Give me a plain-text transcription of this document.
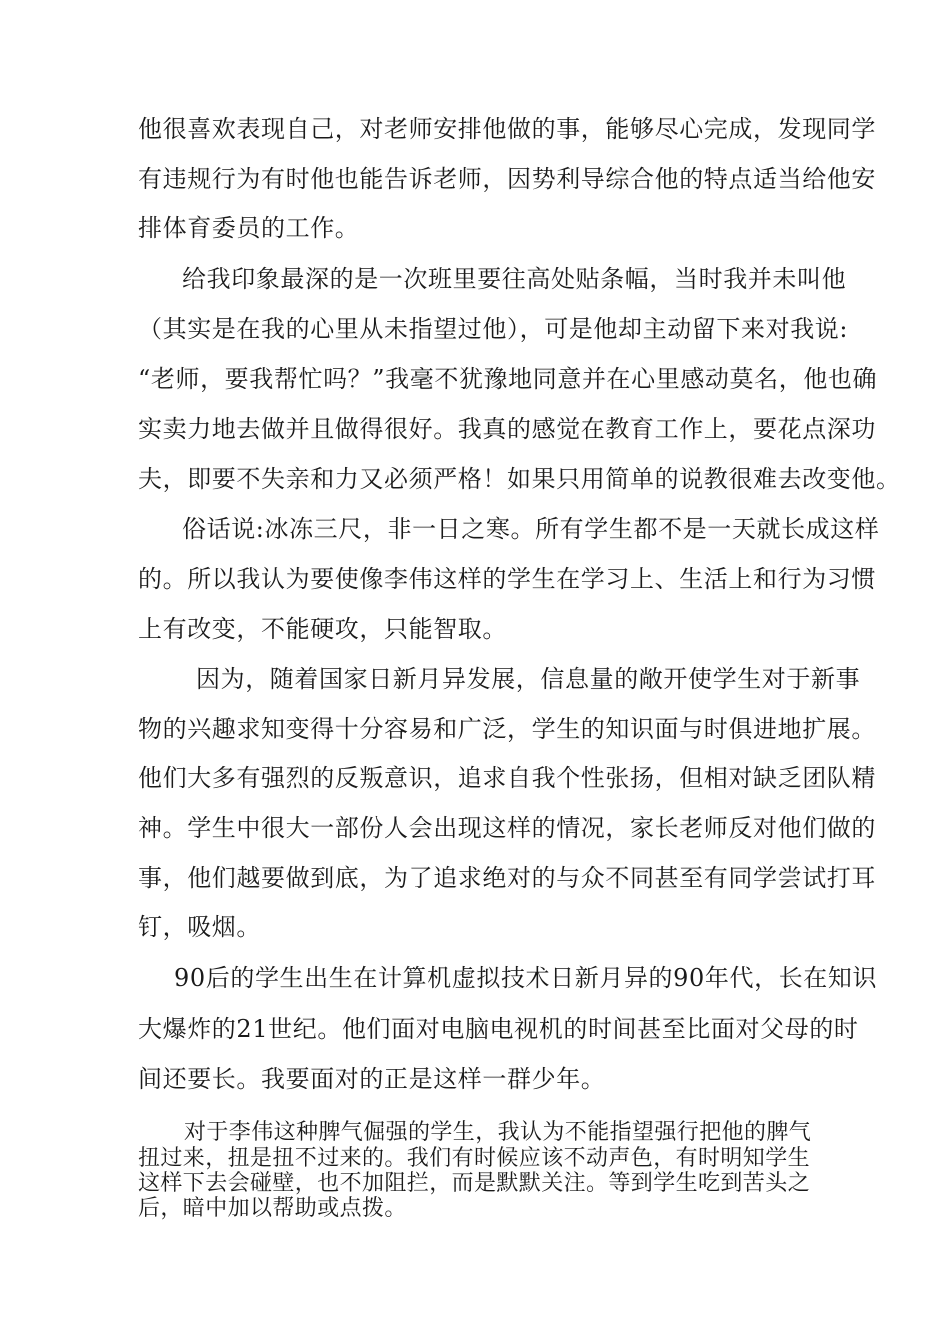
他很喜欢表现自己，对老师安排他做的事，能够尽心完成，发现同学
有违规行为有时他也能告诉老师，因势利导综合他的特点适当给他安
排体育委员的工作。
给我印象最深的是一次班里要往高处贴条幅，当时我并未叫他
（其实是在我的心里从未指望过他），可是他却主动留下来对我说:
“老师，要我帮忙吗？”我毫不犹豫地同意并在心里感动莫名，他也确
实卖力地去做并且做得很好。我真的感觉在教育工作上，要花点深功
夫，即要不失亲和力又必须严格！如果只用简单的说教很难去改变他。
俗话说:冰冻三尺，非一日之寒。所有学生都不是一天就长成这样
的。所以我认为要使像李伟这样的学生在学习上、生活上和行为习惯
上有改变，不能硬攻，只能智取。
因为，随着国家日新月异发展，信息量的敞开使学生对于新事
物的兴趣求知变得十分容易和广泛，学生的知识面与时俱进地扩展。
他们大多有强烈的反叛意识，追求自我个性张扬，但相对缺乏团队精
神。学生中很大一部份人会出现这样的情况，家长老师反对他们做的
事，他们越要做到底，为了追求绝对的与众不同甚至有同学尝试打耳
钉，吸烟。
90后的学生出生在计算机虚拟技术日新月异的90年代，长在知识
大爆炸的21世纪。他们面对电脑电视机的时间甚至比面对父母的时
间还要长。我要面对的正是这样一群少年。
对于李伟这种脾气倔强的学生，我认为不能指望强行把他的脾气
扭过来，扭是扭不过来的。我们有时候应该不动声色，有时明知学生
这样下去会碰壁，也不加阻拦，而是默默关注。等到学生吃到苦头之
后，暗中加以帮助或点拨。
